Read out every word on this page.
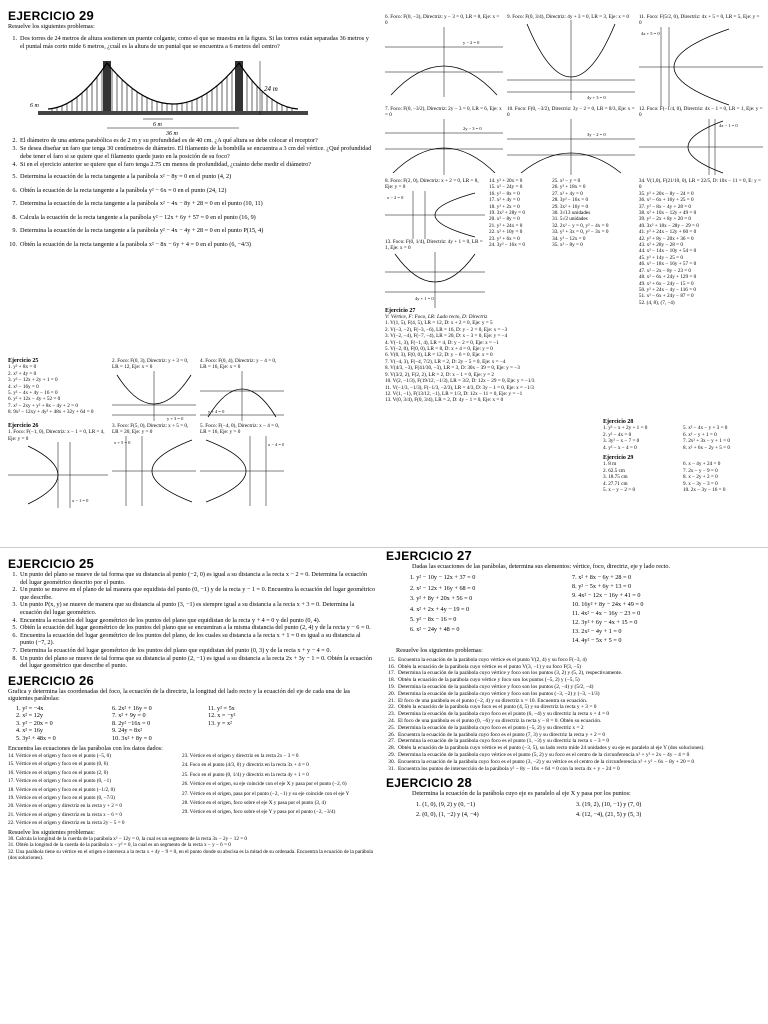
EJERCICIO 29
Resuelve los siguientes problemas:
1. Dos torres de 24 metros de altura sostienen un puente colgante, como el que se muestra en la figura. Si las torres están separadas 36 metros y el puntal más corto mide 6 metros, ¿cuál es la altura de un puntal que se encuentra a 6 metros del centro?
24 m
6 m
6 m
36 m
2. El diámetro de una antena parabólica es de 2 m y su profundidad es de 40 cm. ¿A qué altura se debe colocar el receptor?
3. Se desea diseñar un faro que tenga 30 centímetros de diámetro. El filamento de la bombilla se encuentra a 3 cm del vértice. ¿Qué profundidad debe tener el faro si se quiere que el filamento quede justo en la posición de su foco?
4. Si en el ejercicio anterior se quiere que el faro tenga 2.75 cm menos de profundidad, ¿cuánto debe medir el diámetro?
5. Determina la ecuación de la recta tangente a la parábola x² − 8y = 0 en el punto (4, 2)
6. Obtén la ecuación de la recta tangente a la parábola y² − 6x = 0 en el punto (24, 12)
7. Determina la ecuación de la recta tangente a la parábola x² − 4x − 8y + 28 = 0 en el punto (10, 11)
8. Calcula la ecuación de la recta tangente a la parábola y² − 12x + 6y + 57 = 0 en el punto (16, 9)
9. Determina la ecuación de la recta tangente a la parábola y² − 4x − 4y + 28 = 0 en el punto P(15, 4)
10. Obtén la ecuación de la recta tangente a la parábola x² − 8x − 6y + 4 = 0 en el punto (6, −4/3)
Ejercicio 25
1. y² + 8x = 0
2. x² + 4y = 0
3. y² − 12x + 2y + 1 = 0
4. x² − 16y = 0
5. y² − 4x + 4y − 16 = 0
6. y² + 12x − 4y + 52 = 0
7. x² − 2xy + y² + 8x − 4y + 2 = 0
8. 9x² − 12xy + 4y² + 48x + 32y + 64 = 0
2. Foco: F(0, 3), Directriz: y + 3 = 0, LR = 12, Eje: x = 0
y + 3 = 0
4. Foco: F(0, 4), Directriz: y − 4 = 0, LR = 16, Eje: x = 0
y + 4 = 0
Ejercicio 26
1. Foco: F(−1, 0), Directriz: x − 1 = 0, LR = 4, Eje: y = 0
x − 1 = 0
3. Foco: F(5, 0), Directriz: x + 5 = 0, LR = 20, Eje: y = 0
x + 5 = 0
5. Foco: F(−4, 0), Directriz: x − 4 = 0, LR = 16, Eje: y = 0
x − 4 = 0
6. Foco: F(0, −3), Directriz: y − 3 = 0, LR = 8, Eje: x = 0
y − 2 = 0
9. Foco: F(0, 3/4), Directriz: 4y + 3 = 0, LR = 3, Eje: x = 0
4y + 3 = 0
11. Foco: F(5/2, 0), Directriz: 4x + 5 = 0, LR = 5, Eje: y = 0
4x + 5 = 0
7. Foco: F(0, −3/2), Directriz: 2y − 3 = 0, LR = 6, Eje: x = 0
2y − 3 = 0
10. Foco: F(0, −3/2), Directriz: 3y − 2 = 0, LR = 8/3, Eje: x = 0
3y − 2 = 0
12. Foco: F(−1/4, 0), Directriz: 4x − 1 = 0, LR = 1, Eje: y = 0
4x − 1 = 0
8. Foco: F(2, 0), Directriz: x + 2 = 0, LR = 8, Eje: y = 0
x − 2 = 0
13. Foco: F(0, 1/4), Directriz: 4y + 1 = 0, LR = 1, Eje: x = 0
4y + 1 = 0
14. y² + 20x = 0
15. x² − 24y = 0
16. y² − 8x = 0
17. x² + 4y = 0
18. y² + 2x = 0
19. 3x² + 28y = 0
20. x² − 8y = 0
21. y² + 24x = 0
22. x² + 10y = 0
23. y² + 6x = 0
24. 3y² − 16x = 0
25. x² − y = 0
26. y² + 18x = 0
27. x² + 4y = 0
28. 3y² − 16x = 0
29. 3x² + 16y = 0
30. 3√13 unidades
31. 5√2 unidades
32. 2x² − y = 0, y² − 4x = 0
33. y² + 3x = 0, y² − 3x = 0
34. y² − 12x = 0
35. x² − 8y = 0
34. V(1,0), F(21/10, 0), LR = 22/5, D: 10x − 11 = 0, E: y = 0
35. y² + 20x − 8y − 24 = 0
36. x² − 6x + 16y + 25 = 0
37. y² − 8x − 4y + 28 = 0
38. x² + 10x − 12y + 49 = 0
39. y² − 2x + 8y + 20 = 0
40. 3x² + 18x − 28y − 29 = 0
41. y² + 24x − 12y + 60 = 0
42. y² + 8y − 20x + 36 = 0
43. x² + 28y − 28 = 0
44. x² − 14x − 10y + 54 = 0
45. y² + 14y − 25 = 0
46. x² − 18x − 16y + 57 = 0
47. x² − 2x − 8y − 23 = 0
48. x² − 6x + 24y + 129 = 0
49. x² + 6x − 24y − 15 = 0
50. y² + 24x − 4y − 116 = 0
51. x² − 6x + 24y − 87 = 0
52. (4, 8), (7, −4)
Ejercicio 27
V: Vértice, F: Foco, LR: Lado recto, D: Directriz
1. V(1, 5), F(4, 5), LR = 12, D: x + 2 = 0, Eje: y = 5
2. V(−3, −2), F(−3, −6), LR = 16, D: y − 2 = 0, Eje: x = −3
3. V(−2, −4), F(−7, −4), LR = 20, D: x − 3 = 0, Eje: y = −4
4. V(−1, 3), F(−1, 4), LR = 4, D: y − 2 = 0, Eje: x = −1
5. V(−2, 0), F(0, 0), LR = 8, D: x + 4 = 0, Eje: y = 0
6. V(0, 3), F(0, 0), LR = 12, D: y − 6 = 0, Eje: x = 0
7. V(−4, 3), F(−4, 7/2), LR = 2, D: 2y − 5 = 0, Eje: x = −4
8. V(4/3, −3), F(41/30, −3), LR = 3, D: 30x − 39 = 0, Eje: y = −3
9. V(3/2, 2), F(2, 2), LR = 2, D: x − 1 = 0, Eje: y = 2
10. V(2, −1/3), F(19/12, −1/3), LR = 3/2, D: 12x − 29 = 0, Eje: y = −1/3
11. V(−1/3, −1/3), F(−1/3, −2/3), LR = 4/3, D: 3y − 1 = 0, Eje: x = −1/3
12. V(1, −1), F(13/12, −1), LR = 1/3, D: 12x − 11 = 0, Eje: y = −1
13. V(0, 3/4), F(0, 3/4), LR = 2, D: 4y − 1 = 0, Eje: x = 0
Ejercicio 28
1. y² − x + 2y + 1 = 0
2. y² − 4x = 0
3. 3y² − x − 7 = 0
4. y² − x − 4 = 0
5. x² − 4x − y + 3 = 0
6. x² − y + 1 = 0
7. 2x² + 3x − y + 1 = 0
8. x² + 6x − 2y + 5 = 0
Ejercicio 29
1. 8 m
2. 62.5 cm
3. 18.75 cm
4. 27.71 cm
5. x − y − 2 = 0
6. x − 4y + 24 = 0
7. 2x − y − 9 = 0
8. x − 2y + 2 = 0
9. x − 3y − 3 = 0
10. 2x − 3y − 16 = 0
EJERCICIO 25
1. Un punto del plano se mueve de tal forma que su distancia al punto (−2, 0) es igual a su distancia a la recta x − 2 = 0. Determina la ecuación del lugar geométrico descrito por el punto.
2. Un punto se mueve en el plano de tal manera que equidista del punto (0, −1) y de la recta y − 1 = 0. Encuentra la ecuación del lugar geométrico que describe.
3. Un punto P(x, y) se mueve de manera que su distancia al punto (3, −1) es siempre igual a su distancia a la recta x + 3 = 0. Determina la ecuación del lugar geométrico.
4. Encuentra la ecuación del lugar geométrico de los puntos del plano que equidistan de la recta y + 4 = 0 y del punto (0, 4).
5. Obtén la ecuación del lugar geométrico de los puntos del plano que se encuentran a la misma distancia del punto (2, 4) y de la recta y − 6 = 0.
6. Encuentra la ecuación del lugar geométrico de los puntos del plano, de los cuales su distancia a la recta x + 1 = 0 es igual a su distancia al punto (−7, 2).
7. Determina la ecuación del lugar geométrico de los puntos del plano que equidistan del punto (0, 3) y de la recta x + y − 4 = 0.
8. Un punto del plano se mueve de tal forma que su distancia al punto (2, −1) es igual a su distancia a la recta 2x + 3y − 1 = 0. Obtén la ecuación del lugar geométrico que describe el punto.
EJERCICIO 26
Grafica y determina las coordenadas del foco, la ecuación de la directriz, la longitud del lado recto y la ecuación del eje de cada una de las siguientes parábolas:
1. y² = −4x
2. x² = 12y
3. y² − 20x = 0
4. x² = 16y
5. 3y² + 48x = 0
6. 2x² + 16y = 0
7. x² + 9y = 0
8. 2y² −16x = 0
9. 24y = 8x²
10. 3x² + 8y = 0
11. y² = 5x
12. x = −y²
13. y = x²
Encuentra las ecuaciones de las parábolas con los datos dados:
14. Vértice en el origen y foco en el punto (−5, 0)
15. Vértice en el origen y foco en el punto (0, 6)
16. Vértice en el origen y foco en el punto (2, 0)
17. Vértice en el origen y foco en el punto (0, −1)
18. Vértice en el origen y foco en el punto (−1/2, 0)
19. Vértice en el origen y foco en el punto (0, −7/3)
20. Vértice en el origen y directriz en la recta y + 2 = 0
21. Vértice en el origen y directriz en la recta x − 6 = 0
22. Vértice en el origen y directriz en la recta 2y − 5 = 0
23. Vértice en el origen y directriz en la recta 2x − 3 = 0
24. Foco en el punto (4/3, 0) y directriz en la recta 3x + 4 = 0
25. Foco en el punto (0, 1/4) y directriz en la recta 4y + 1 = 0
26. Vértice en el origen, su eje coincide con el eje X y pasa por el punto (−2, 6)
27. Vértice en el origen, pasa por el punto (−2, −1) y su eje coincide con el eje Y
28. Vértice en el origen, foco sobre el eje X y pasa por el punto (3, 4)
29. Vértice en el origen, foco sobre el eje Y y pasa por el punto (−2, −3/4)
Resuelve los siguientes problemas:
30. Calcula la longitud de la cuerda de la parábola x² − 12y = 0, la cual es un segmento de la recta 3x − 2y − 12 = 0
31. Obtén la longitud de la cuerda de la parábola x − y² = 0, la cual es un segmento de la recta x − y − 6 = 0
32. Una parábola tiene su vértice en el origen e interseca a la recta x + 4y − 9 = 0, en el punto donde su abscisa es la mitad de su ordenada. Encuentra la ecuación de la parábola (dos soluciones).
EJERCICIO 27
Dadas las ecuaciones de las parábolas, determina sus elementos: vértice, foco, directriz, eje y lado recto.
1. y² − 10y − 12x + 37 = 0
2. x² − 12x + 16y + 68 = 0
3. y² + 8y + 20x + 56 = 0
4. x² + 2x + 4y − 19 = 0
5. y² − 8x − 16 = 0
6. x² − 24y + 48 = 0
7. x² + 8x − 6y + 28 = 0
8. y² − 5x + 6y + 13 = 0
9. 4x² − 12x − 16y + 41 = 0
10. 16y² + 8y − 24x + 49 = 0
11. 4x² − 4x − 16y − 23 = 0
12. 3y² + 6y − 4x + 15 = 0
13. 2x² − 4y + 1 = 0
14. 4y² − 5x + 5 = 0
Resuelve los siguientes problemas:
15. Encuentra la ecuación de la parábola cuyo vértice es el punto V(2, 4) y su foco F(−3, 4)
16. Obtén la ecuación de la parábola cuyo vértice es el punto V(3, −1) y su foco F(3, −5)
17. Determina la ecuación de la parábola cuyo vértice y foco son los puntos (3, 2) y (5, 2), respectivamente.
18. Obtén la ecuación de la parábola cuyo vértice y foco son los puntos (−5, 2) y (−5, 5)
19. Determina la ecuación de la parábola cuyo vértice y foco son los puntos (2, −4) y (5/2, −4)
20. Determina la ecuación de la parábola cuyo vértice y foco son los puntos (−3, −2) y (−3, −1/3)
21. El foco de una parábola es el punto (−2, 4) y su directriz x = 10. Encuentra su ecuación.
22. Obtén la ecuación de la parábola cuyo foco es el punto (4, 5) y su directriz la recta y + 3 = 0
23. Determina la ecuación de la parábola cuyo foco es el punto (6, −4) y su directriz la recta x + 4 = 0
24. El foco de una parábola es el punto (0, −6) y su directriz la recta y − 8 = 0. Obtén su ecuación.
25. Determina la ecuación de la parábola cuyo foco es el punto (−5, 2) y su directriz x = 2
26. Encuentra la ecuación de la parábola cuyo foco es el punto (7, 3) y su directriz la recta y + 2 = 0
27. Determina la ecuación de la parábola cuyo foco es el punto (1, −3) y su directriz la recta x − 3 = 0
28. Obtén la ecuación de la parábola cuyo vértice es el punto (−3, 5), su lado recto mide 24 unidades y su eje es paralelo al eje Y (dos soluciones).
29. Determina la ecuación de la parábola cuyo vértice es el punto (5, 2) y su foco es el centro de la circunferencia x² + y² + 2x − 4y − 4 = 0
30. Encuentra la ecuación de la parábola cuyo foco es el punto (3, −2) y su vértice es el centro de la circunferencia x² + y² − 6x − 8y + 20 = 0
31. Encuentra los puntos de intersección de la parábola y² − 8y − 16x + 64 = 0 con la recta 4x + y − 24 = 0
EJERCICIO 28
Determina la ecuación de la parábola cuyo eje es paralelo al eje X y pasa por los puntos:
1. (1, 0), (9, 2) y (0, −1)
2. (0, 0), (1, −2) y (4, −4)
3. (19, 2), (10, −1) y (7, 0)
4. (12, −4), (21, 5) y (5, 3)
